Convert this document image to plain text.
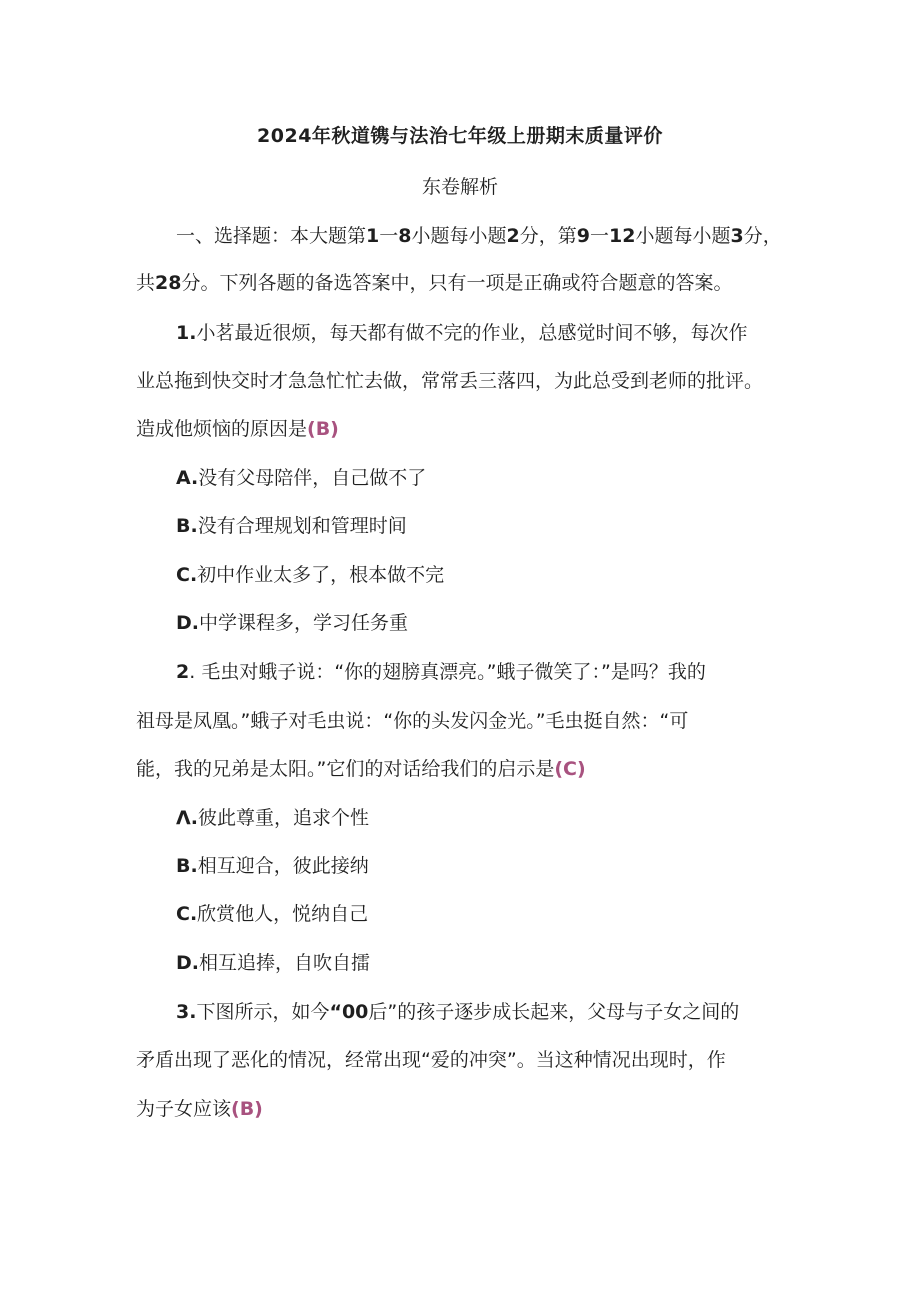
2024年秋道镌与法治七年级上册期末质量评价
东卷解析
一、选择题：本大题第1一8小题每小题2分，第9一12小题每小题3分，
共28分。下列各题的备选答案中，只有一项是正确或符合题意的答案。
1.小茗最近很烦，每天都有做不完的作业，总感觉时间不够，每次作
业总拖到快交时才急急忙忙去做，常常丢三落四，为此总受到老师的批评。
造成他烦恼的原因是(B)
A.没有父母陪伴，自己做不了
B.没有合理规划和管理时间
C.初中作业太多了，根本做不完
D.中学课程多，学习任务重
2. 毛虫对蛾子说：“你的翅膀真漂亮。”蛾子微笑了：”是吗？我的
祖母是凤凰。”蛾子对毛虫说：“你的头发闪金光。”毛虫挺自然：“可
能，我的兄弟是太阳。”它们的对话给我们的启示是(C)
Λ.彼此尊重，追求个性
B.相互迎合，彼此接纳
C.欣赏他人，悦纳自己
D.相互追捧，自吹自擂
3.下图所示，如今“00后”的孩子逐步成长起来，父母与子女之间的
矛盾出现了恶化的情况，经常出现“爱的冲突”。当这种情况出现时，作
为子女应该(B)
